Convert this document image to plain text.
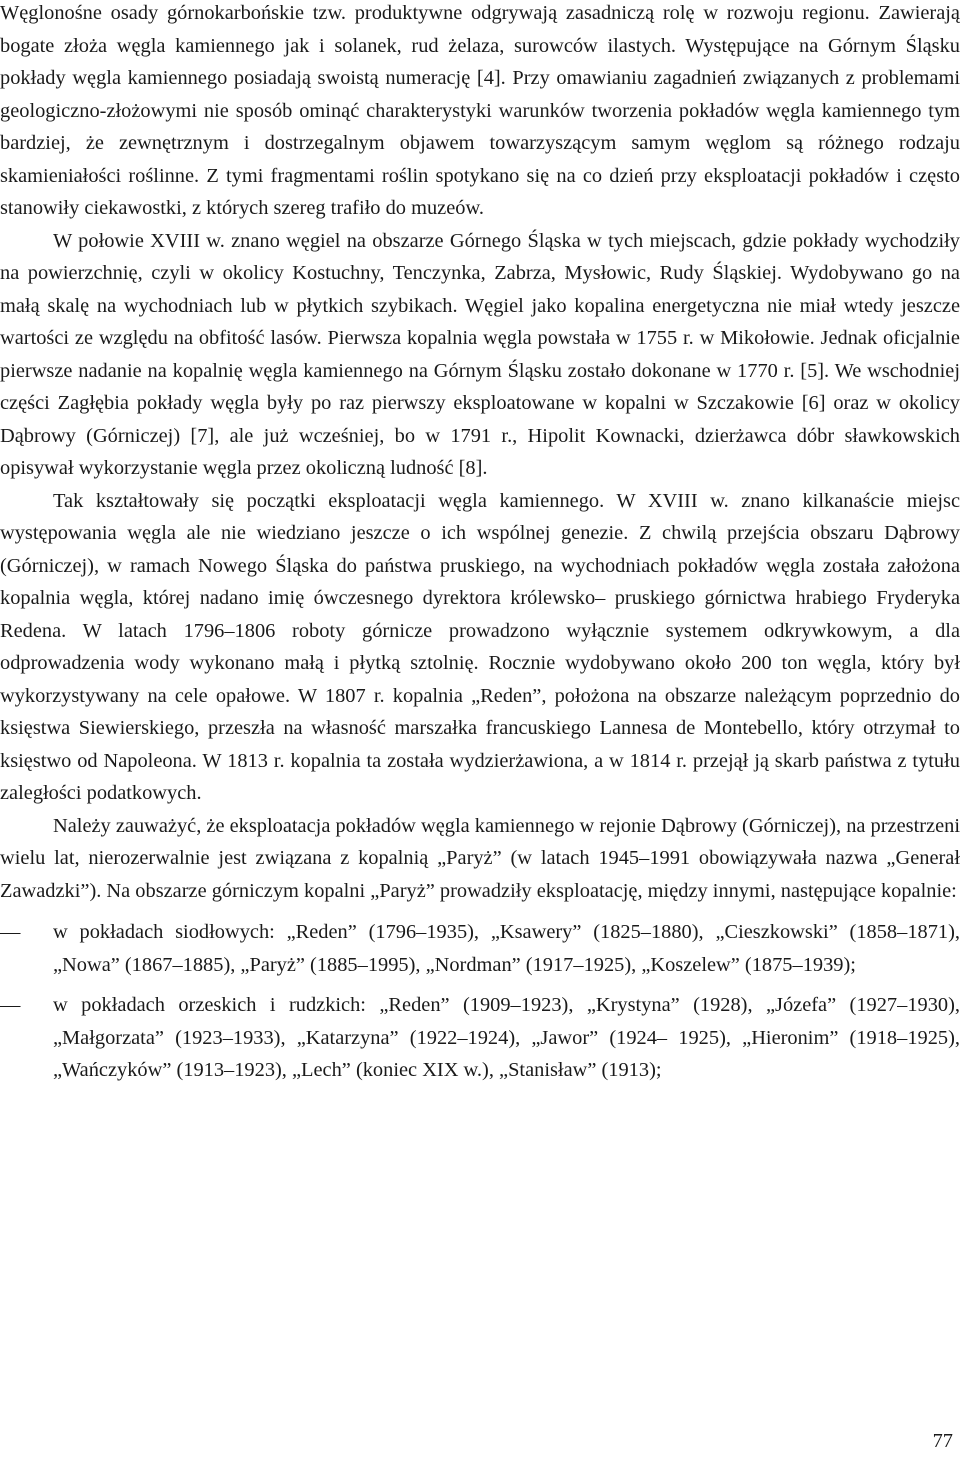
Węglonośne osady górnokarbońskie tzw. produktywne odgrywają zasadniczą rolę w rozwoju regionu. Zawierają bogate złoża węgla kamiennego jak i solanek, rud żelaza, surowców ilastych. Występujące na Górnym Śląsku pokłady węgla kamiennego posiadają swoistą numerację [4]. Przy omawianiu zagadnień związanych z problemami geologiczno-złożowymi nie sposób ominąć charakterystyki warunków tworzenia pokładów węgla kamiennego tym bardziej, że zewnętrznym i dostrzegalnym objawem towarzyszącym samym węglom są różnego rodzaju skamieniałości roślinne. Z tymi fragmentami roślin spotykano się na co dzień przy eksploatacji pokładów i często stanowiły ciekawostki, z których szereg trafiło do muzeów.

W połowie XVIII w. znano węgiel na obszarze Górnego Śląska w tych miejscach, gdzie pokłady wychodziły na powierzchnię, czyli w okolicy Kostuchny, Tenczynka, Zabrza, Mysłowic, Rudy Śląskiej. Wydobywano go na małą skalę na wychodniach lub w płytkich szybikach. Węgiel jako kopalina energetyczna nie miał wtedy jeszcze wartości ze względu na obfitość lasów. Pierwsza kopalnia węgla powstała w 1755 r. w Mikołowie. Jednak oficjalnie pierwsze nadanie na kopalnię węgla kamiennego na Górnym Śląsku zostało dokonane w 1770 r. [5]. We wschodniej części Zagłębia pokłady węgla były po raz pierwszy eksploatowane w kopalni w Szczakowie [6] oraz w okolicy Dąbrowy (Górniczej) [7], ale już wcześniej, bo w 1791 r., Hipolit Kownacki, dzierżawca dóbr sławkowskich opisywał wykorzystanie węgla przez okoliczną ludność [8].

Tak kształtowały się początki eksploatacji węgla kamiennego. W XVIII w. znano kilkanaście miejsc występowania węgla ale nie wiedziano jeszcze o ich wspólnej genezie. Z chwilą przejścia obszaru Dąbrowy (Górniczej), w ramach Nowego Śląska do państwa pruskiego, na wychodniach pokładów węgla została założona kopalnia węgla, której nadano imię ówczesnego dyrektora królewsko– pruskiego górnictwa hrabiego Fryderyka Redena. W latach 1796–1806 roboty górnicze prowadzono wyłącznie systemem odkrywkowym, a dla odprowadzenia wody wykonano małą i płytką sztolnię. Rocznie wydobywano około 200 ton węgla, który był wykorzystywany na cele opałowe. W 1807 r. kopalnia „Reden”, położona na obszarze należącym poprzednio do księstwa Siewierskiego, przeszła na własność marszałka francuskiego Lannesa de Montebello, który otrzymał to księstwo od Napoleona. W 1813 r. kopalnia ta została wydzierżawiona, a w 1814 r. przejął ją skarb państwa z tytułu zaległości podatkowych.

Należy zauważyć, że eksploatacja pokładów węgla kamiennego w rejonie Dąbrowy (Górniczej), na przestrzeni wielu lat, nierozerwalnie jest związana z kopalnią „Paryż” (w latach 1945–1991 obowiązywała nazwa „Generał Zawadzki”). Na obszarze górniczym kopalni „Paryż” prowadziły eksploatację, między innymi, następujące kopalnie:

—	w pokładach siodłowych: „Reden” (1796–1935), „Ksawery” (1825–1880), „Cieszkowski” (1858–1871), „Nowa” (1867–1885), „Paryż” (1885–1995), „Nordman” (1917–1925), „Koszelew” (1875–1939);
—	w pokładach orzeskich i rudzkich: „Reden” (1909–1923), „Krystyna” (1928), „Józefa” (1927–1930), „Małgorzata” (1923–1933), „Katarzyna” (1922–1924), „Jawor” (1924– 1925), „Hieronim” (1918–1925), „Wańczyków” (1913–1923), „Lech” (koniec XIX w.), „Stanisław” (1913);
77
